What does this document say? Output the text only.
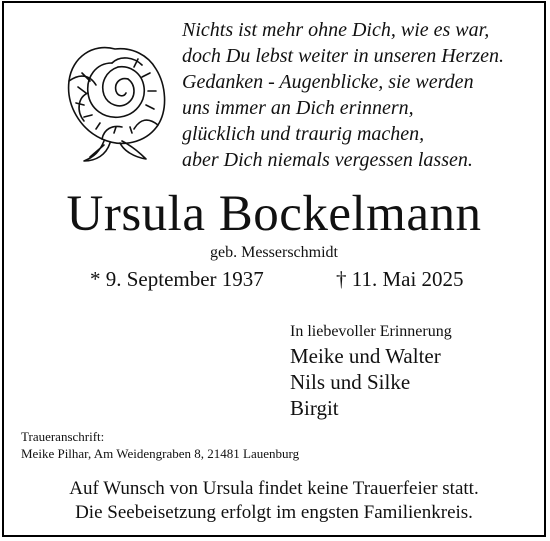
Nichts ist mehr ohne Dich, wie es war,
doch Du lebst weiter in unseren Herzen.
Gedanken - Augenblicke, sie werden
uns immer an Dich erinnern,
glücklich und traurig machen,
aber Dich niemals vergessen lassen.
Ursula Bockelmann
geb. Messerschmidt
* 9. September 1937	† 11. Mai 2025
In liebevoller Erinnerung
Meike und Walter
Nils und Silke
Birgit
Traueranschrift:
Meike Pilhar, Am Weidengraben 8, 21481 Lauenburg
Auf Wunsch von Ursula findet keine Trauerfeier statt.
Die Seebeisetzung erfolgt im engsten Familienkreis.
